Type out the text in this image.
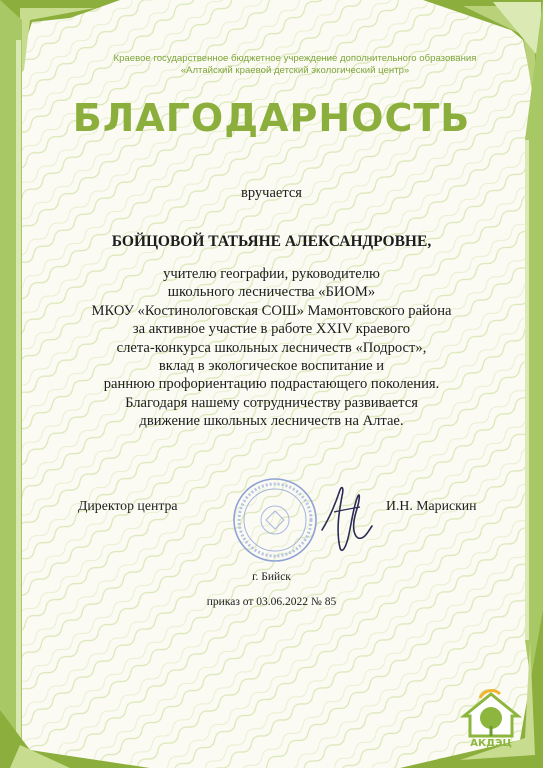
Краевое государственное бюджетное учреждение дополнительного образования
«Алтайский краевой детский экологический центр»
БЛАГОДАРНОСТЬ
вручается
БОЙЦОВОЙ ТАТЬЯНЕ АЛЕКСАНДРОВНЕ,
учителю географии, руководителю
школьного лесничества «БИОМ»
МКОУ «Костинологовская СОШ» Мамонтовского района
за активное участие в работе XXIV краевого
слета-конкурса школьных лесничеств «Подрост»,
вклад в экологическое воспитание и
раннюю профориентацию подрастающего поколения.
Благодаря нашему сотрудничеству развивается
движение школьных лесничеств на Алтае.
Директор центра	И.Н. Марискин
г. Бийск
приказ от 03.06.2022 № 85
АКДЭЦ
